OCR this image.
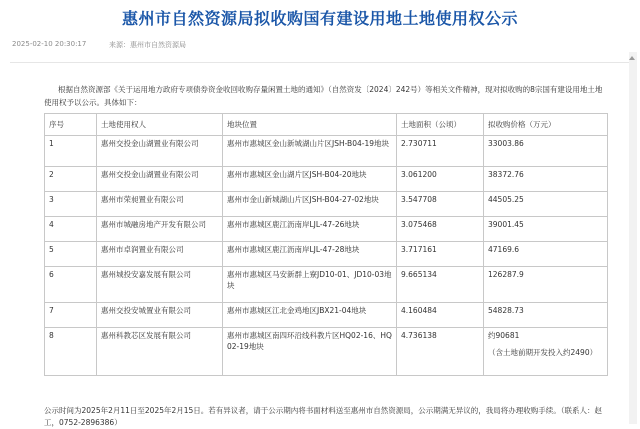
惠州市自然资源局拟收购国有建设用地土地使用权公示
2025-02-10 20:30:17	来源：惠州市自然资源局
根据自然资源部《关于运用地方政府专项债券资金收回收购存量闲置土地的通知》（自然资发〔2024〕242号）等相关文件精神，现对拟收购的8宗国有建设用地土地使用权予以公示。具体如下：
序号	土地使用权人	地块位置	土地面积（公顷）	拟收购价格（万元）
1	惠州交投金山湖置业有限公司	惠州市惠城区金山新城湖山片区JSH-B04-19地块	2.730711	33003.86
2	惠州交投金山湖置业有限公司	惠州市惠城区金山湖片区JSH-B04-20地块	3.061200	38372.76
3	惠州市荣昶置业有限公司	惠州市金山新城湖山片区JSH-B04-27-02地块	3.547708	44505.25
4	惠州市城融房地产开发有限公司	惠州市惠城区鹿江沥南岸LJL-47-26地块	3.075468	39001.45
5	惠州市卓润置业有限公司	惠州市惠城区鹿江沥南岸LJL-47-28地块	3.717161	47169.6
6	惠州城投安嘉发展有限公司	惠州市惠城区马安新群上寮JD10-01、JD10-03地块	9.665134	126287.9
7	惠州交投安城置业有限公司	惠州市惠城区江北金鸡地区JBX21-04地块	4.160484	54828.73
8	惠州科教芯区发展有限公司	惠州市惠城区南四环沿线科教片区HQ02-16、HQ02-19地块	4.736138	约90681
（含土地前期开发投入约2490）
公示时间为2025年2月11日至2025年2月15日。若有异议者，请于公示期内将书面材料送至惠州市自然资源局，公示期满无异议的，我局将办理收购手续。（联系人：赵工，0752-2896386）
